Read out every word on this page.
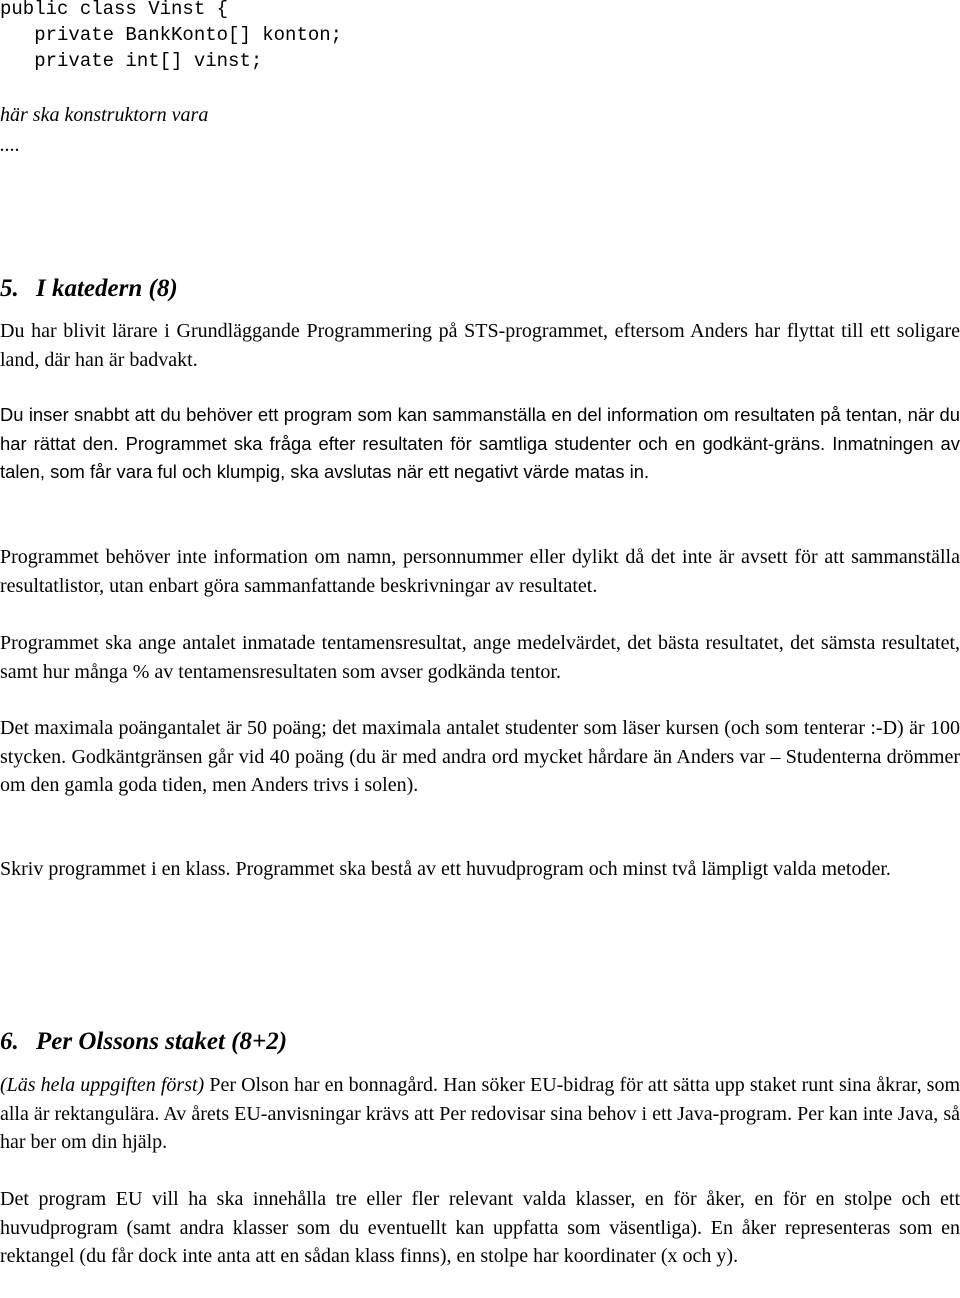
public class Vinst {
private BankKonto[] konton;
private int[] vinst;
här ska konstruktorn vara
....
5. I katedern (8)

Du har blivit lärare i Grundläggande Programmering på STS-programmet, eftersom Anders har flyttat till ett soligare land, där han är badvakt.

Du inser snabbt att du behöver ett program som kan sammanställa en del information om resultaten på tentan, när du har rättat den. Programmet ska fråga efter resultaten för samtliga studenter och en godkänt-gräns. Inmatningen av talen, som får vara ful och klumpig, ska avslutas när ett negativt värde matas in.

Programmet behöver inte information om namn, personnummer eller dylikt då det inte är avsett för att sammanställa resultatlistor, utan enbart göra sammanfattande beskrivningar av resultatet.

Programmet ska ange antalet inmatade tentamensresultat, ange medelvärdet, det bästa resultatet, det sämsta resultatet, samt hur många % av tentamensresultaten som avser godkända tentor.

Det maximala poängantalet är 50 poäng; det maximala antalet studenter som läser kursen (och som tenterar :-D) är 100 stycken. Godkäntgränsen går vid 40 poäng (du är med andra ord mycket hårdare än Anders var – Studenterna drömmer om den gamla goda tiden, men Anders trivs i solen).

Skriv programmet i en klass. Programmet ska bestå av ett huvudprogram och minst två lämpligt valda metoder.

6. Per Olssons staket (8+2)

(Läs hela uppgiften först) Per Olson har en bonnagård. Han söker EU-bidrag för att sätta upp staket runt sina åkrar, som alla är rektangulära. Av årets EU-anvisningar krävs att Per redovisar sina behov i ett Java-program. Per kan inte Java, så har ber om din hjälp.

Det program EU vill ha ska innehålla tre eller fler relevant valda klasser, en för åker, en för en stolpe och ett huvudprogram (samt andra klasser som du eventuellt kan uppfatta som väsentliga). En åker representeras som en rektangel (du får dock inte anta att en sådan klass finns), en stolpe har koordinater (x och y).
